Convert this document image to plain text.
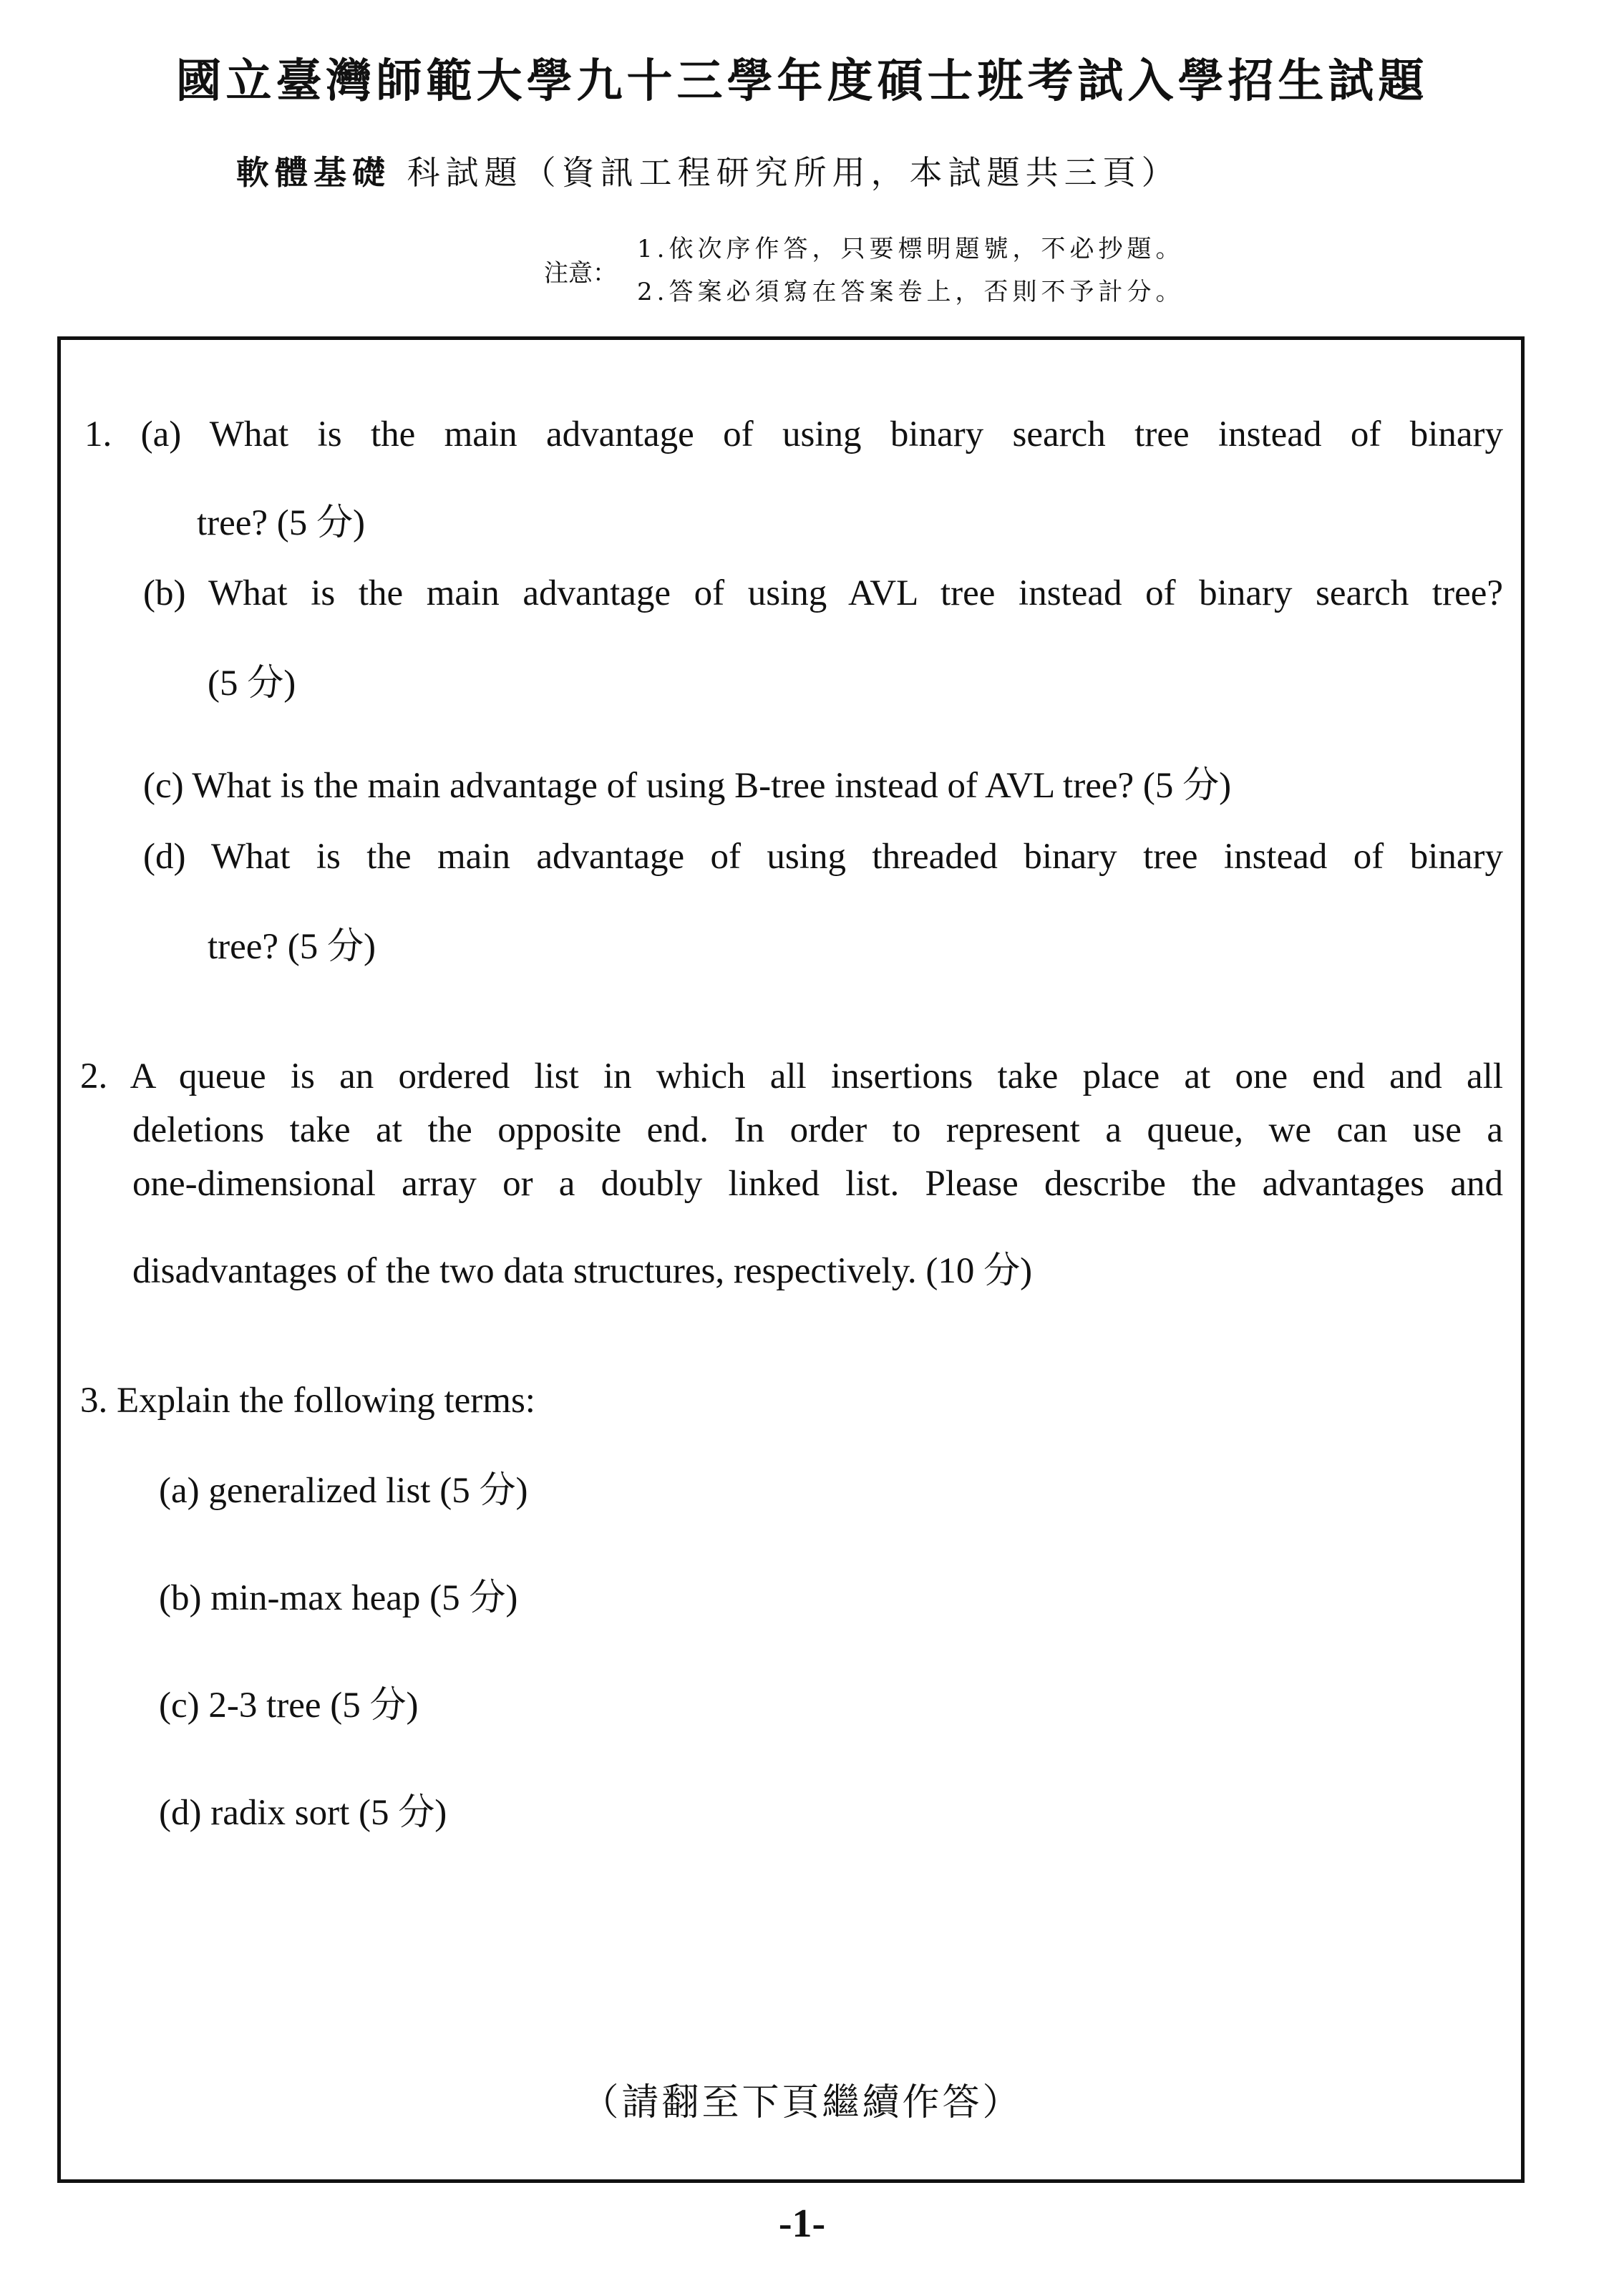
國立臺灣師範大學九十三學年度碩士班考試入學招生試題
軟體基礎 科試題（資訊工程研究所用，本試題共三頁）
注意：
1.依次序作答，只要標明題號，不必抄題。
2.答案必須寫在答案卷上，否則不予計分。
1. (a) What is the main advantage of using binary search tree instead of binary
tree? (5 分)
(b) What is the main advantage of using AVL tree instead of binary search tree?
(5 分)
(c) What is the main advantage of using B-tree instead of AVL tree? (5 分)
(d) What is the main advantage of using threaded binary tree instead of binary
tree? (5 分)
2. A queue is an ordered list in which all insertions take place at one end and all
deletions take at the opposite end. In order to represent a queue, we can use a
one-dimensional array or a doubly linked list. Please describe the advantages and
disadvantages of the two data structures, respectively. (10 分)
3. Explain the following terms:
(a) generalized list (5 分)
(b) min-max heap (5 分)
(c) 2-3 tree (5 分)
(d) radix sort (5 分)
（請翻至下頁繼續作答）
-1-
